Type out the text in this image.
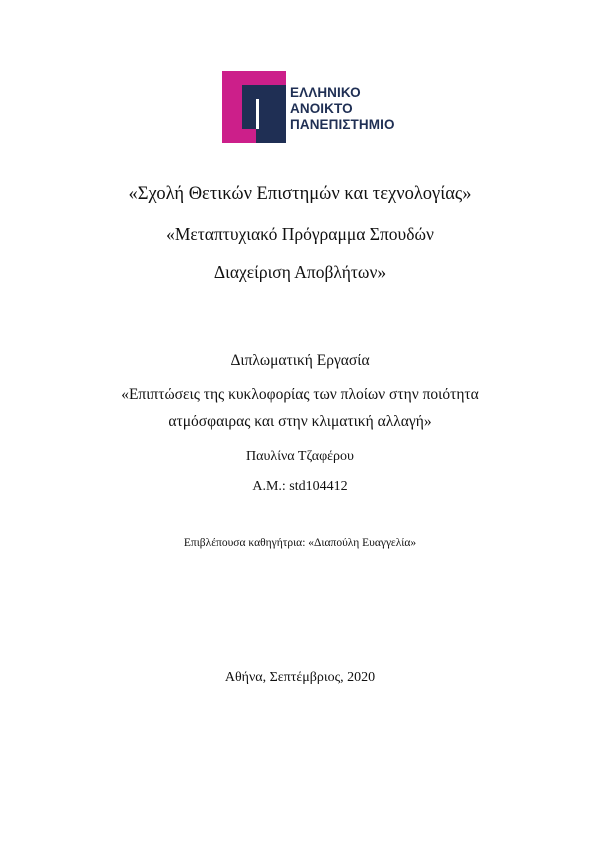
ΕΛΛΗΝΙΚΟ
ΑΝΟΙΚΤΟ
ΠΑΝΕΠΙΣΤΗΜΙΟ
«Σχολή Θετικών Επιστημών και τεχνολογίας»
«Μεταπτυχιακό Πρόγραμμα Σπουδών
Διαχείριση Αποβλήτων»
Διπλωματική Εργασία
«Επιπτώσεις της κυκλοφορίας των πλοίων στην ποιότητα
ατμόσφαιρας και στην κλιματική αλλαγή»
Παυλίνα Τζαφέρου
A.M.: std104412
Επιβλέπουσα καθηγήτρια: «Διαπούλη Ευαγγελία»
Αθήνα, Σεπτέμβριος, 2020
